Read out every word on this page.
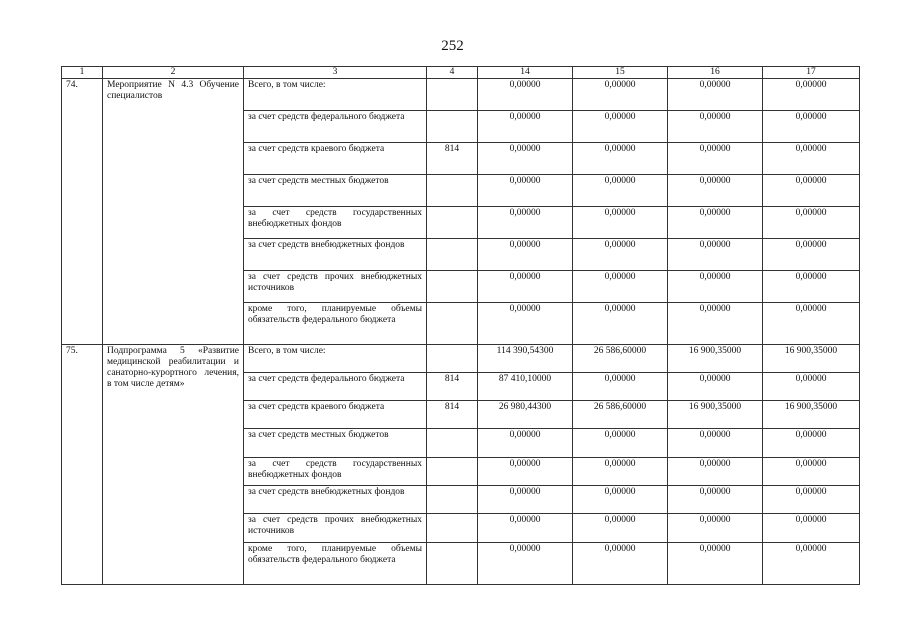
252
1	2	3	4	14	15	16	17
74.	Мероприятие N 4.3 Обучение специалистов	Всего, в том числе:		0,00000	0,00000	0,00000	0,00000
		за счет средств федерального бюджета		0,00000	0,00000	0,00000	0,00000
		за счет средств краевого бюджета	814	0,00000	0,00000	0,00000	0,00000
		за счет средств местных бюджетов		0,00000	0,00000	0,00000	0,00000
		за счет средств государственных внебюджетных фондов		0,00000	0,00000	0,00000	0,00000
		за счет средств внебюджетных фондов		0,00000	0,00000	0,00000	0,00000
		за счет средств прочих внебюджетных источников		0,00000	0,00000	0,00000	0,00000
		кроме того, планируемые объемы обязательств федерального бюджета		0,00000	0,00000	0,00000	0,00000
75.	Подпрограмма 5 «Развитие медицинской реабилитации и санаторно-курортного лечения, в том числе детям»	Всего, в том числе:		114 390,54300	26 586,60000	16 900,35000	16 900,35000
		за счет средств федерального бюджета	814	87 410,10000	0,00000	0,00000	0,00000
		за счет средств краевого бюджета	814	26 980,44300	26 586,60000	16 900,35000	16 900,35000
		за счет средств местных бюджетов		0,00000	0,00000	0,00000	0,00000
		за счет средств государственных внебюджетных фондов		0,00000	0,00000	0,00000	0,00000
		за счет средств внебюджетных фондов		0,00000	0,00000	0,00000	0,00000
		за счет средств прочих внебюджетных источников		0,00000	0,00000	0,00000	0,00000
		кроме того, планируемые объемы обязательств федерального бюджета		0,00000	0,00000	0,00000	0,00000
